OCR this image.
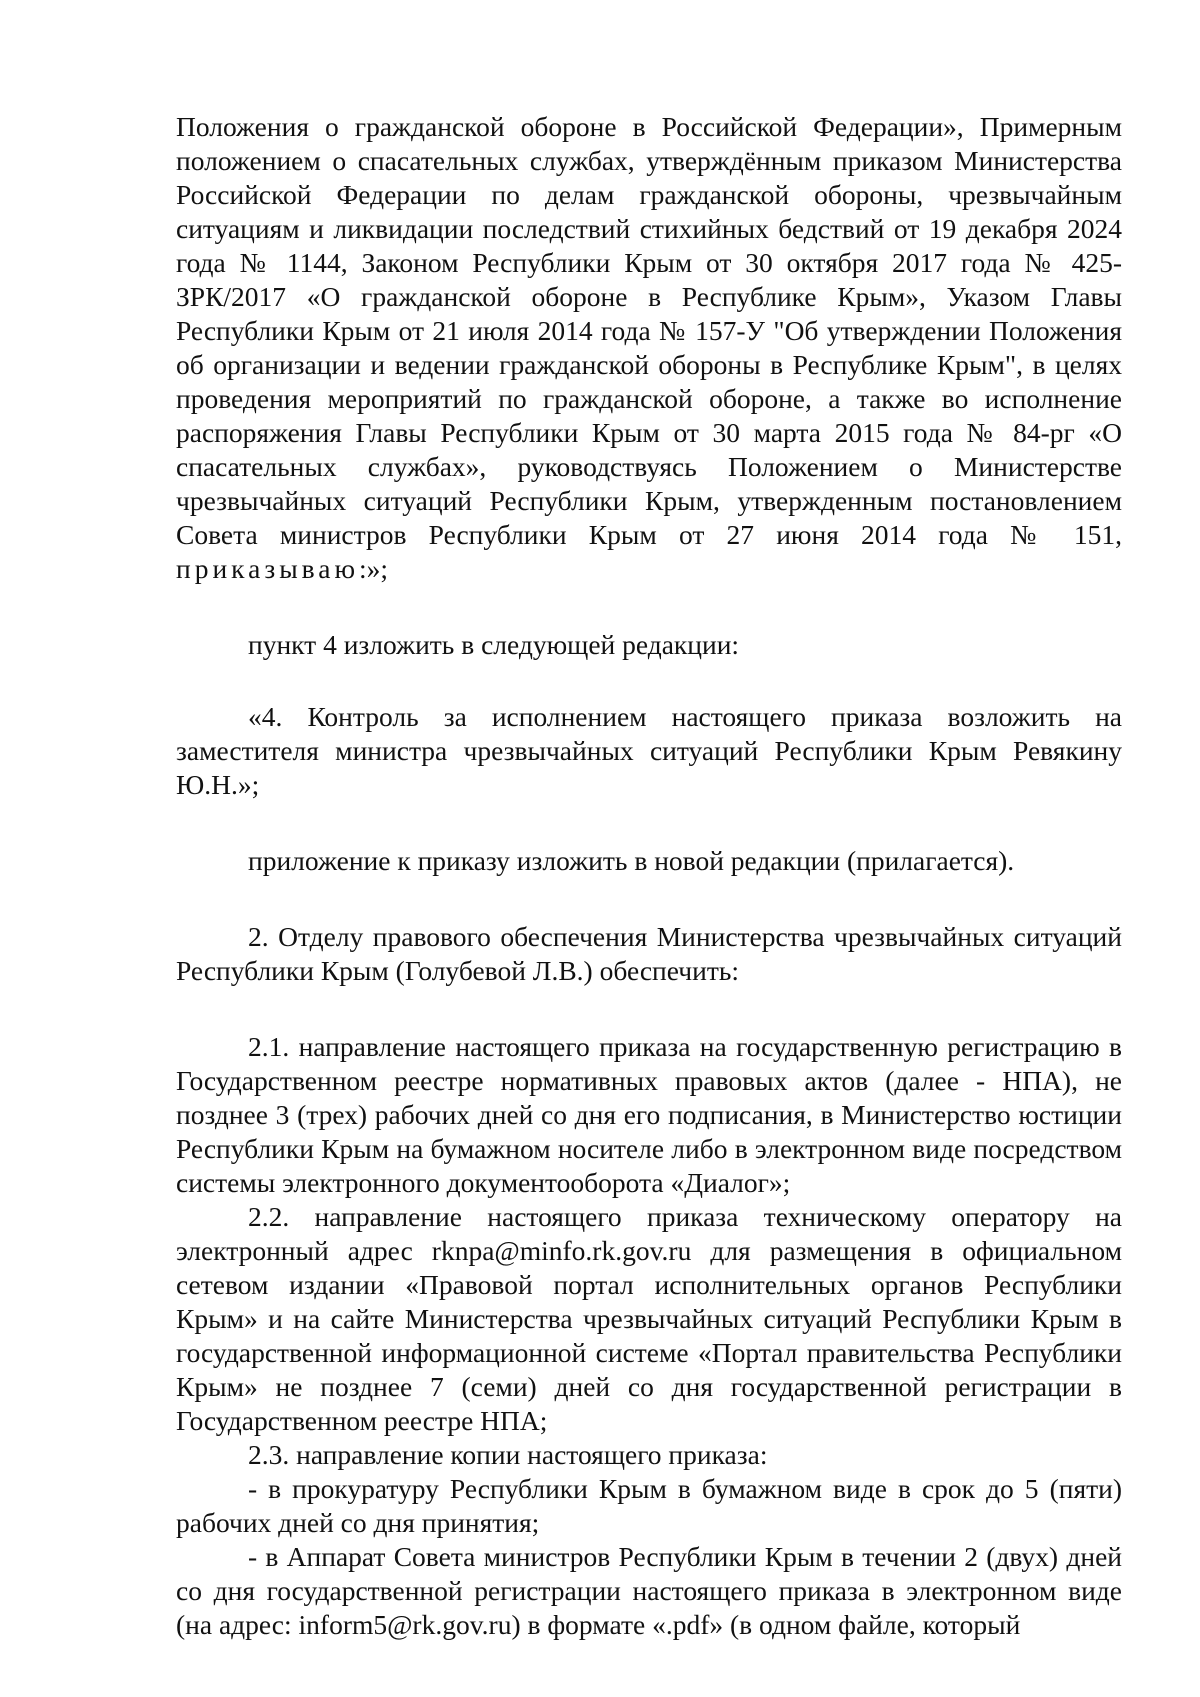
Положения о гражданской обороне в Российской Федерации», Примерным положением о спасательных службах, утверждённым приказом Министерства Российской Федерации по делам гражданской обороны, чрезвычайным ситуациям и ликвидации последствий стихийных бедствий от 19 декабря 2024 года № 1144, Законом Республики Крым от 30 октября 2017 года № 425-ЗРК/2017 «О гражданской обороне в Республике Крым», Указом Главы Республики Крым от 21 июля 2014 года № 157-У "Об утверждении Положения об организации и ведении гражданской обороны в Республике Крым", в целях проведения мероприятий по гражданской обороне, а также во исполнение распоряжения Главы Республики Крым от 30 марта 2015 года № 84-рг «О спасательных службах», руководствуясь Положением о Министерстве чрезвычайных ситуаций Республики Крым, утвержденным постановлением Совета министров Республики Крым от 27 июня 2014 года № 151, приказываю:»;

пункт 4 изложить в следующей редакции:

«4. Контроль за исполнением настоящего приказа возложить на заместителя министра чрезвычайных ситуаций Республики Крым Ревякину Ю.Н.»;

приложение к приказу изложить в новой редакции (прилагается).

2. Отделу правового обеспечения Министерства чрезвычайных ситуаций Республики Крым (Голубевой Л.В.) обеспечить:

2.1. направление настоящего приказа на государственную регистрацию в Государственном реестре нормативных правовых актов (далее - НПА), не позднее 3 (трех) рабочих дней со дня его подписания, в Министерство юстиции Республики Крым на бумажном носителе либо в электронном виде посредством системы электронного документооборота «Диалог»;

2.2. направление настоящего приказа техническому оператору на электронный адрес rknpa@minfo.rk.gov.ru для размещения в официальном сетевом издании «Правовой портал исполнительных органов Республики Крым» и на сайте Министерства чрезвычайных ситуаций Республики Крым в государственной информационной системе «Портал правительства Республики Крым» не позднее 7 (семи) дней со дня государственной регистрации в Государственном реестре НПА;

2.3. направление копии настоящего приказа:

- в прокуратуру Республики Крым в бумажном виде в срок до 5 (пяти) рабочих дней со дня принятия;

- в Аппарат Совета министров Республики Крым в течении 2 (двух) дней со дня государственной регистрации настоящего приказа в электронном виде (на адрес: inform5@rk.gov.ru) в формате «.pdf» (в одном файле, который
